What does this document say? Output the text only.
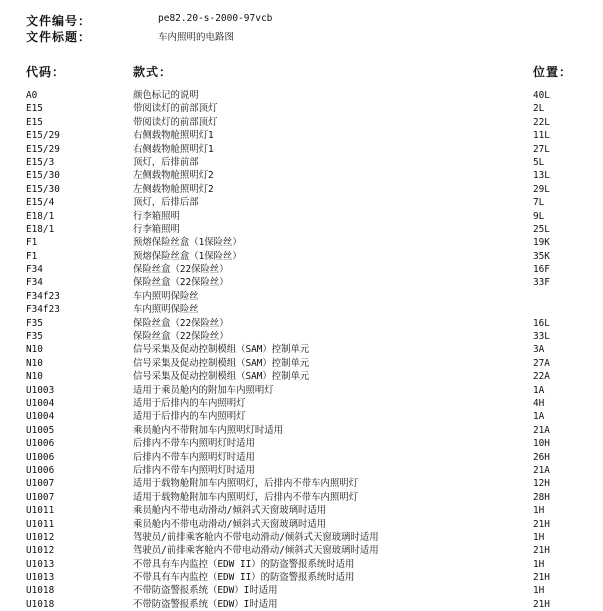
文件编号：	pe82.20-s-2000-97vcb
文件标题：	车内照明的电路图
代码：	款式：	位置：
A0	颜色标记的说明	40L
E15	带阅读灯的前部顶灯	2L
E15	带阅读灯的前部顶灯	22L
E15/29	右侧载物舱照明灯1	11L
E15/29	右侧载物舱照明灯1	27L
E15/3	顶灯，后排前部	5L
E15/30	左侧载物舱照明灯2	13L
E15/30	左侧载物舱照明灯2	29L
E15/4	顶灯，后排后部	7L
E18/1	行李箱照明	9L
E18/1	行李箱照明	25L
F1	预熔保险丝盒（1保险丝）	19K
F1	预熔保险丝盒（1保险丝）	35K
F34	保险丝盒（22保险丝）	16F
F34	保险丝盒（22保险丝）	33F
F34f23	车内照明保险丝
F34f23	车内照明保险丝
F35	保险丝盒（22保险丝）	16L
F35	保险丝盒（22保险丝）	33L
N10	信号采集及促动控制模组（SAM）控制单元	3A
N10	信号采集及促动控制模组（SAM）控制单元	27A
N10	信号采集及促动控制模组（SAM）控制单元	22A
U1003	适用于乘员舱内的附加车内照明灯	1A
U1004	适用于后排内的车内照明灯	4H
U1004	适用于后排内的车内照明灯	1A
U1005	乘员舱内不带附加车内照明灯时适用	21A
U1006	后排内不带车内照明灯时适用	10H
U1006	后排内不带车内照明灯时适用	26H
U1006	后排内不带车内照明灯时适用	21A
U1007	适用于载物舱附加车内照明灯，后排内不带车内照明灯	12H
U1007	适用于载物舱附加车内照明灯，后排内不带车内照明灯	28H
U1011	乘员舱内不带电动滑动/倾斜式天窗玻璃时适用	1H
U1011	乘员舱内不带电动滑动/倾斜式天窗玻璃时适用	21H
U1012	驾驶员/前排乘客舱内不带电动滑动/倾斜式天窗玻璃时适用	1H
U1012	驾驶员/前排乘客舱内不带电动滑动/倾斜式天窗玻璃时适用	21H
U1013	不带具有车内监控（EDW II）的防盗警报系统时适用	1H
U1013	不带具有车内监控（EDW II）的防盗警报系统时适用	21H
U1018	不带防盗警报系统（EDW）I时适用	1H
U1018	不带防盗警报系统（EDW）I时适用	21H
